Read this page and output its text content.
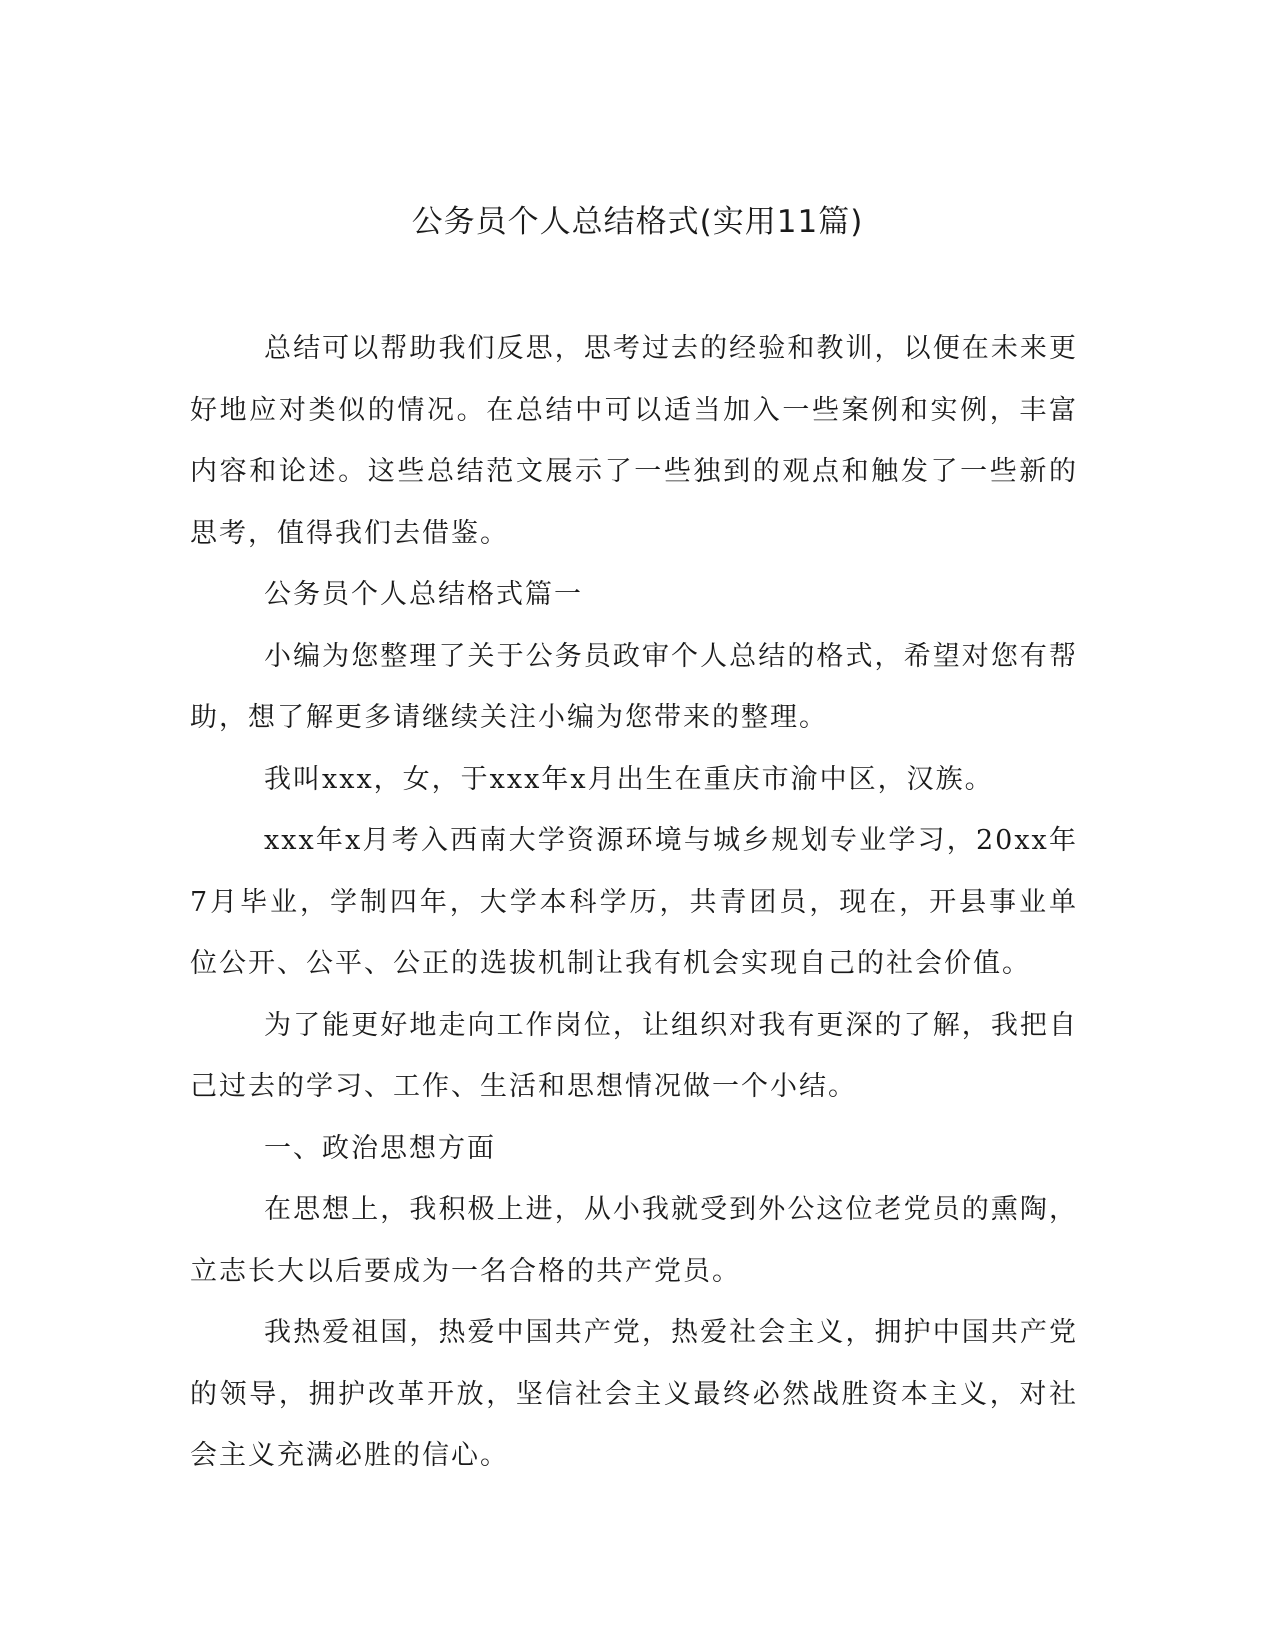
公务员个人总结格式(实用11篇)

总结可以帮助我们反思，思考过去的经验和教训，以便在未来更好地应对类似的情况。在总结中可以适当加入一些案例和实例，丰富内容和论述。这些总结范文展示了一些独到的观点和触发了一些新的思考，值得我们去借鉴。

公务员个人总结格式篇一

小编为您整理了关于公务员政审个人总结的格式，希望对您有帮助，想了解更多请继续关注小编为您带来的整理。

我叫xxx，女，于xxx年x月出生在重庆市渝中区，汉族。

xxx年x月考入西南大学资源环境与城乡规划专业学习，20xx年7月毕业，学制四年，大学本科学历，共青团员，现在，开县事业单位公开、公平、公正的选拔机制让我有机会实现自己的社会价值。

为了能更好地走向工作岗位，让组织对我有更深的了解，我把自己过去的学习、工作、生活和思想情况做一个小结。

一、政治思想方面

在思想上，我积极上进，从小我就受到外公这位老党员的熏陶，立志长大以后要成为一名合格的共产党员。

我热爱祖国，热爱中国共产党，热爱社会主义，拥护中国共产党的领导，拥护改革开放，坚信社会主义最终必然战胜资本主义，对社会主义充满必胜的信心。
